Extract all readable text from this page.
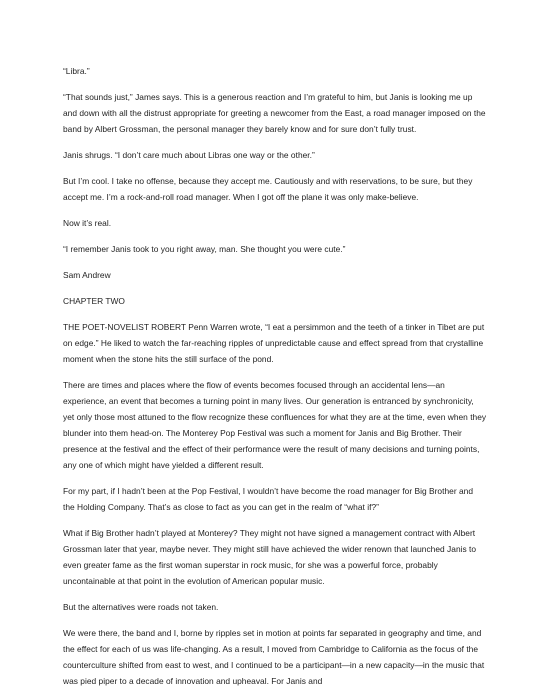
“Libra.”

“That sounds just,” James says. This is a generous reaction and I’m grateful to him, but Janis is looking me up and down with all the distrust appropriate for greeting a newcomer from the East, a road manager imposed on the band by Albert Grossman, the personal manager they barely know and for sure don’t fully trust.

Janis shrugs. “I don’t care much about Libras one way or the other.”

But I’m cool. I take no offense, because they accept me. Cautiously and with reservations, to be sure, but they accept me. I’m a rock-and-roll road manager. When I got off the plane it was only make-believe.

Now it’s real.

“I remember Janis took to you right away, man. She thought you were cute.”

Sam Andrew

CHAPTER TWO

THE POET-NOVELIST ROBERT Penn Warren wrote, “I eat a persimmon and the teeth of a tinker in Tibet are put on edge.” He liked to watch the far-reaching ripples of unpredictable cause and effect spread from that crystalline moment when the stone hits the still surface of the pond.

There are times and places where the flow of events becomes focused through an accidental lens—an experience, an event that becomes a turning point in many lives. Our generation is entranced by synchronicity, yet only those most attuned to the flow recognize these confluences for what they are at the time, even when they blunder into them head-on. The Monterey Pop Festival was such a moment for Janis and Big Brother. Their presence at the festival and the effect of their performance were the result of many decisions and turning points, any one of which might have yielded a different result.

For my part, if I hadn’t been at the Pop Festival, I wouldn’t have become the road manager for Big Brother and the Holding Company. That’s as close to fact as you can get in the realm of “what if?”

What if Big Brother hadn’t played at Monterey? They might not have signed a management contract with Albert Grossman later that year, maybe never. They might still have achieved the wider renown that launched Janis to even greater fame as the first woman superstar in rock music, for she was a powerful force, probably uncontainable at that point in the evolution of American popular music.

But the alternatives were roads not taken.

We were there, the band and I, borne by ripples set in motion at points far separated in geography and time, and the effect for each of us was life-changing. As a result, I moved from Cambridge to California as the focus of the counterculture shifted from east to west, and I continued to be a participant—in a new capacity—in the music that was pied piper to a decade of innovation and upheaval. For Janis and
